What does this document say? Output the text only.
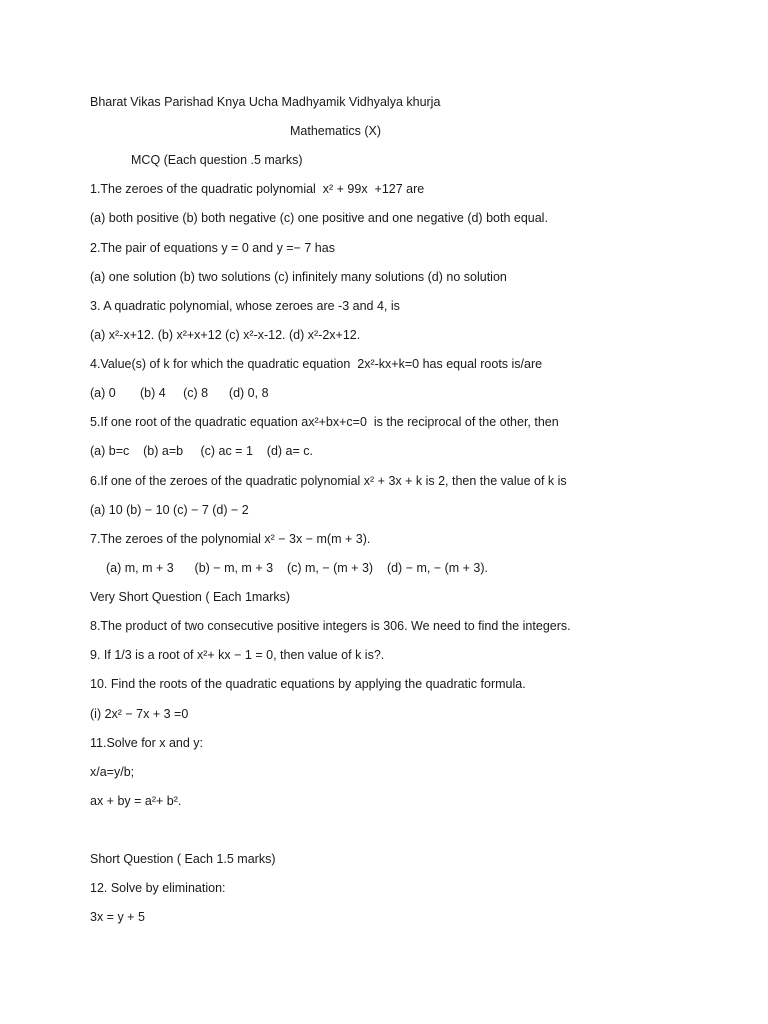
Bharat Vikas Parishad Knya Ucha Madhyamik Vidhyalya khurja
Mathematics (X)
MCQ (Each question .5 marks)
1.The zeroes of the quadratic polynomial  x² + 99x  +127 are
(a) both positive (b) both negative (c) one positive and one negative (d) both equal.
2.The pair of equations y = 0 and y =− 7 has
(a) one solution (b) two solutions (c) infinitely many solutions (d) no solution
3. A quadratic polynomial, whose zeroes are -3 and 4, is
(a) x²-x+12. (b) x²+x+12 (c) x²-x-12. (d) x²-2x+12.
4.Value(s) of k for which the quadratic equation  2x²-kx+k=0 has equal roots is/are
(a) 0       (b) 4     (c) 8      (d) 0, 8
5.If one root of the quadratic equation ax²+bx+c=0  is the reciprocal of the other, then
(a) b=c    (b) a=b     (c) ac = 1    (d) a= c.
6.If one of the zeroes of the quadratic polynomial x² + 3x + k is 2, then the value of k is
(a) 10 (b) − 10 (c) − 7 (d) − 2
7.The zeroes of the polynomial x² − 3x − m(m + 3).
(a) m, m + 3      (b) − m, m + 3    (c) m, − (m + 3)    (d) − m, − (m + 3).
Very Short Question ( Each 1marks)
8.The product of two consecutive positive integers is 306. We need to find the integers.
9. If 1/3 is a root of x²+ kx − 1 = 0, then value of k is?.
10. Find the roots of the quadratic equations by applying the quadratic formula.
(i) 2x² − 7x + 3 =0
11.Solve for x and y:
x/a=y/b;
ax + by = a²+ b².
Short Question ( Each 1.5 marks)
12. Solve by elimination:
3x = y + 5
